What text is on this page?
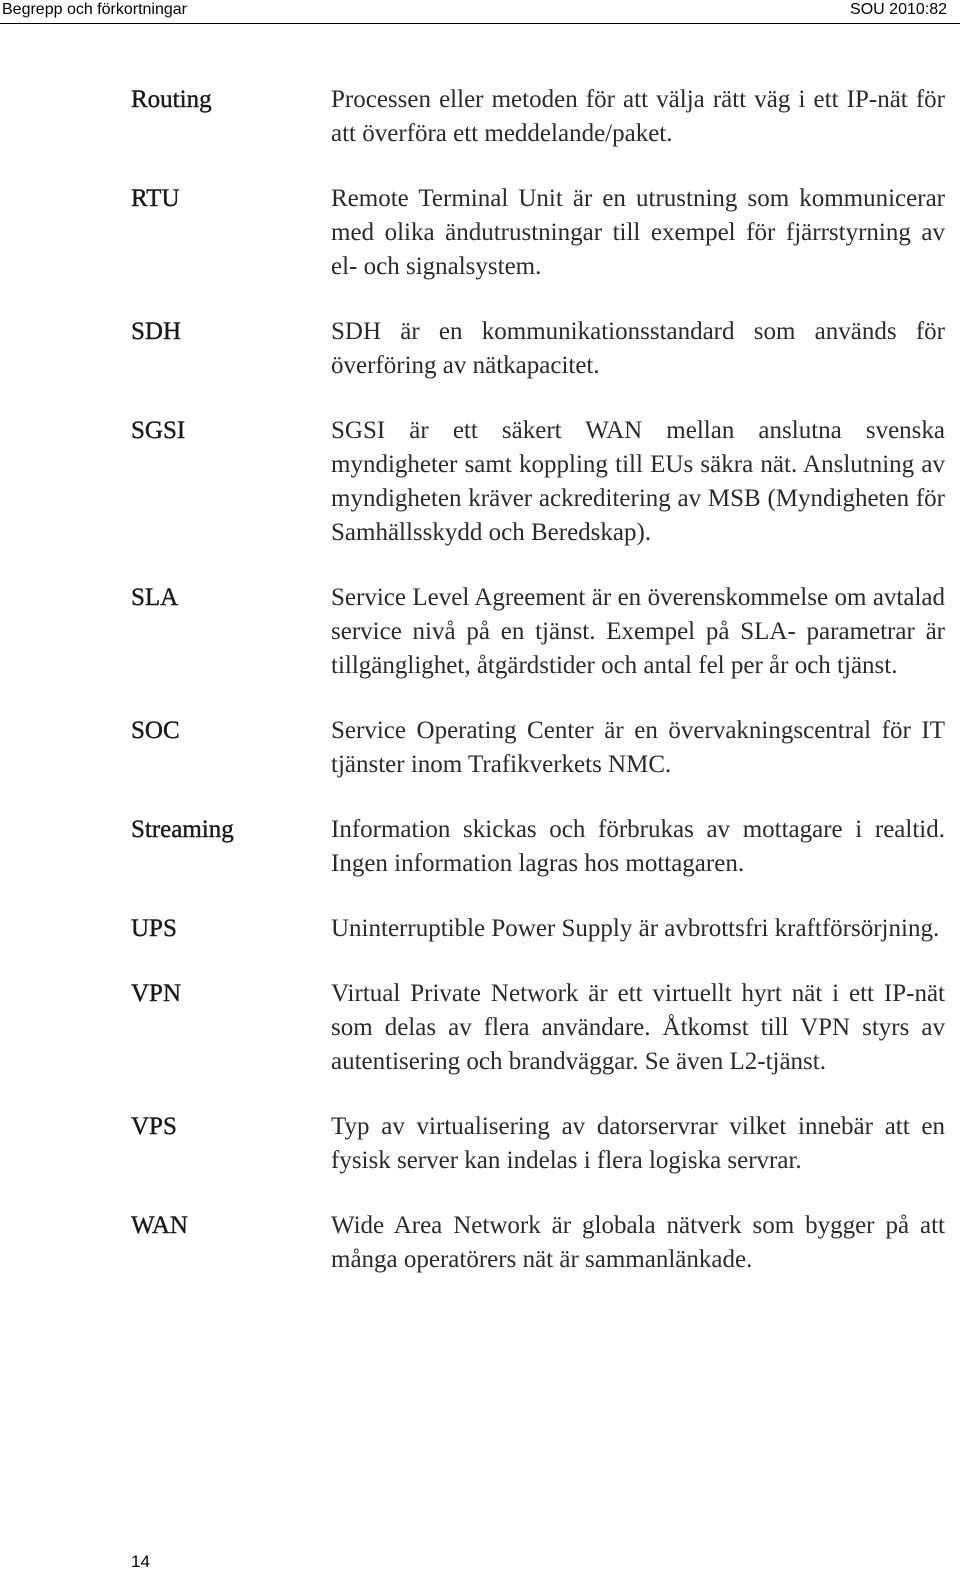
Begrepp och förkortningar	SOU 2010:82
Routing	Processen eller metoden för att välja rätt väg i ett IP-nät för att överföra ett meddelande/paket.
RTU	Remote Terminal Unit är en utrustning som kommunicerar med olika ändutrustningar till exempel för fjärrstyrning av el- och signalsystem.
SDH	SDH är en kommunikationsstandard som används för överföring av nätkapacitet.
SGSI	SGSI är ett säkert WAN mellan anslutna svenska myndigheter samt koppling till EUs säkra nät. Anslutning av myndigheten kräver ackreditering av MSB (Myndigheten för Samhällsskydd och Beredskap).
SLA	Service Level Agreement är en överenskommelse om avtalad service nivå på en tjänst. Exempel på SLA- parametrar är tillgänglighet, åtgärdstider och antal fel per år och tjänst.
SOC	Service Operating Center är en övervakningscentral för IT tjänster inom Trafikverkets NMC.
Streaming	Information skickas och förbrukas av mottagare i realtid. Ingen information lagras hos mottagaren.
UPS	Uninterruptible Power Supply är avbrottsfri kraftförsörjning.
VPN	Virtual Private Network är ett virtuellt hyrt nät i ett IP-nät som delas av flera användare. Åtkomst till VPN styrs av autentisering och brandväggar. Se även L2-tjänst.
VPS	Typ av virtualisering av datorservrar vilket innebär att en fysisk server kan indelas i flera logiska servrar.
WAN	Wide Area Network är globala nätverk som bygger på att många operatörers nät är sammanlänkade.
14
